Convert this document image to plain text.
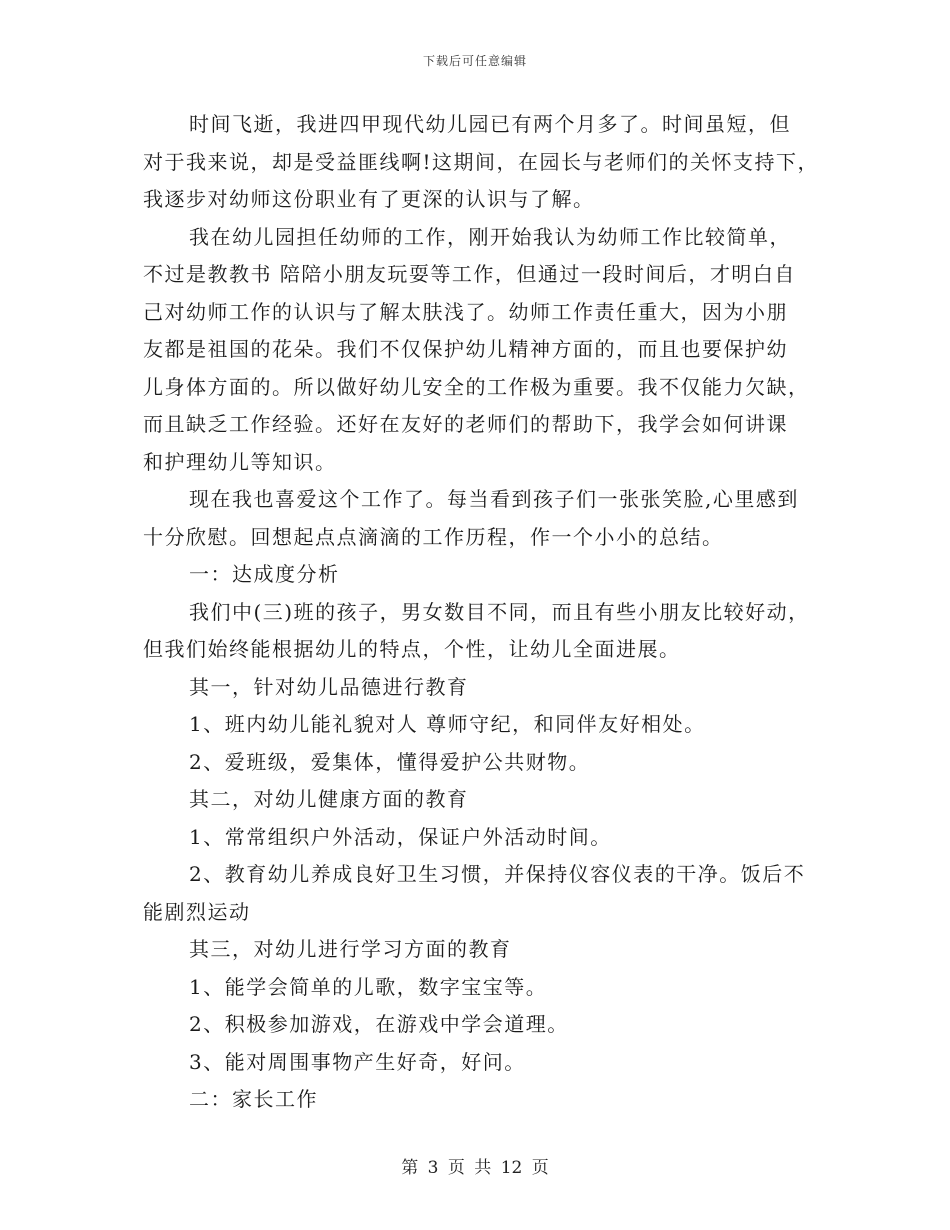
下载后可任意编辑
时间飞逝，我进四甲现代幼儿园已有两个月多了。时间虽短，但
对于我来说，却是受益匪线啊!这期间，在园长与老师们的关怀支持下，
我逐步对幼师这份职业有了更深的认识与了解。
我在幼儿园担任幼师的工作，刚开始我认为幼师工作比较简单，
不过是教教书 陪陪小朋友玩耍等工作，但通过一段时间后，才明白自
己对幼师工作的认识与了解太肤浅了。幼师工作责任重大，因为小朋
友都是祖国的花朵。我们不仅保护幼儿精神方面的，而且也要保护幼
儿身体方面的。所以做好幼儿安全的工作极为重要。我不仅能力欠缺，
而且缺乏工作经验。还好在友好的老师们的帮助下，我学会如何讲课
和护理幼儿等知识。
现在我也喜爱这个工作了。每当看到孩子们一张张笑脸,心里感到
十分欣慰。回想起点点滴滴的工作历程，作一个小小的总结。
一：达成度分析
我们中(三)班的孩子，男女数目不同，而且有些小朋友比较好动，
但我们始终能根据幼儿的特点，个性，让幼儿全面进展。
其一，针对幼儿品德进行教育
1、班内幼儿能礼貌对人 尊师守纪，和同伴友好相处。
2、爱班级，爱集体，懂得爱护公共财物。
其二，对幼儿健康方面的教育
1、常常组织户外活动，保证户外活动时间。
2、教育幼儿养成良好卫生习惯，并保持仪容仪表的干净。饭后不
能剧烈运动
其三，对幼儿进行学习方面的教育
1、能学会简单的儿歌，数字宝宝等。
2、积极参加游戏，在游戏中学会道理。
3、能对周围事物产生好奇，好问。
二：家长工作
第 3 页 共 12 页
